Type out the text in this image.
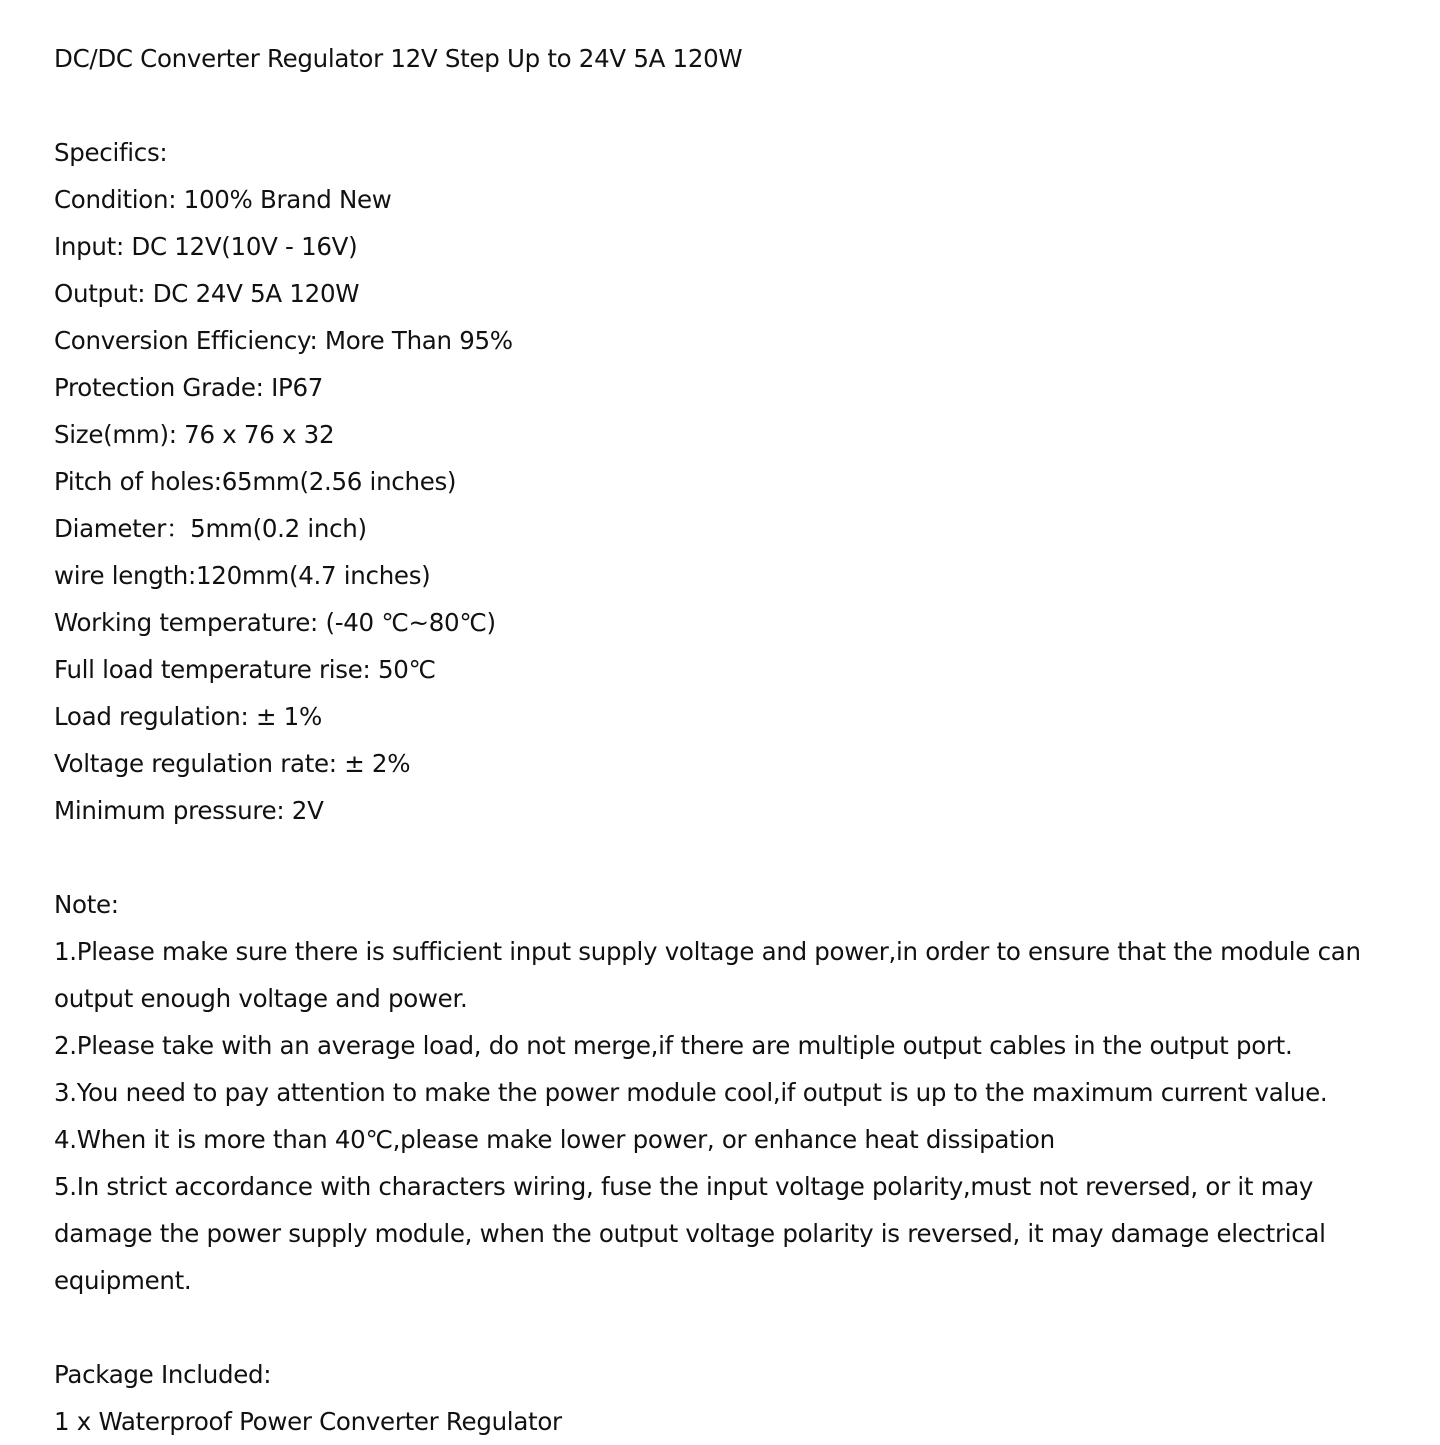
DC/DC Converter Regulator 12V Step Up to 24V 5A 120W
Specifics:
Condition: 100% Brand New
Input: DC 12V(10V - 16V)
Output: DC 24V 5A 120W
Conversion Efficiency: More Than 95%
Protection Grade: IP67
Size(mm): 76 x 76 x 32
Pitch of holes:65mm(2.56 inches)
Diameter：5mm(0.2 inch)
wire length:120mm(4.7 inches)
Working temperature: (-40 ℃~80℃)
Full load temperature rise: 50℃
Load regulation: ± 1%
Voltage regulation rate: ± 2%
Minimum pressure: 2V
Note:
1.Please make sure there is sufficient input supply voltage and power,in order to ensure that the module can output enough voltage and power.
2.Please take with an average load, do not merge,if there are multiple output cables in the output port.
3.You need to pay attention to make the power module cool,if output is up to the maximum current value.
4.When it is more than 40℃,please make lower power, or enhance heat dissipation
5.In strict accordance with characters wiring, fuse the input voltage polarity,must not reversed, or it may damage the power supply module, when the output voltage polarity is reversed, it may damage electrical equipment.
Package Included:
1 x Waterproof Power Converter Regulator
